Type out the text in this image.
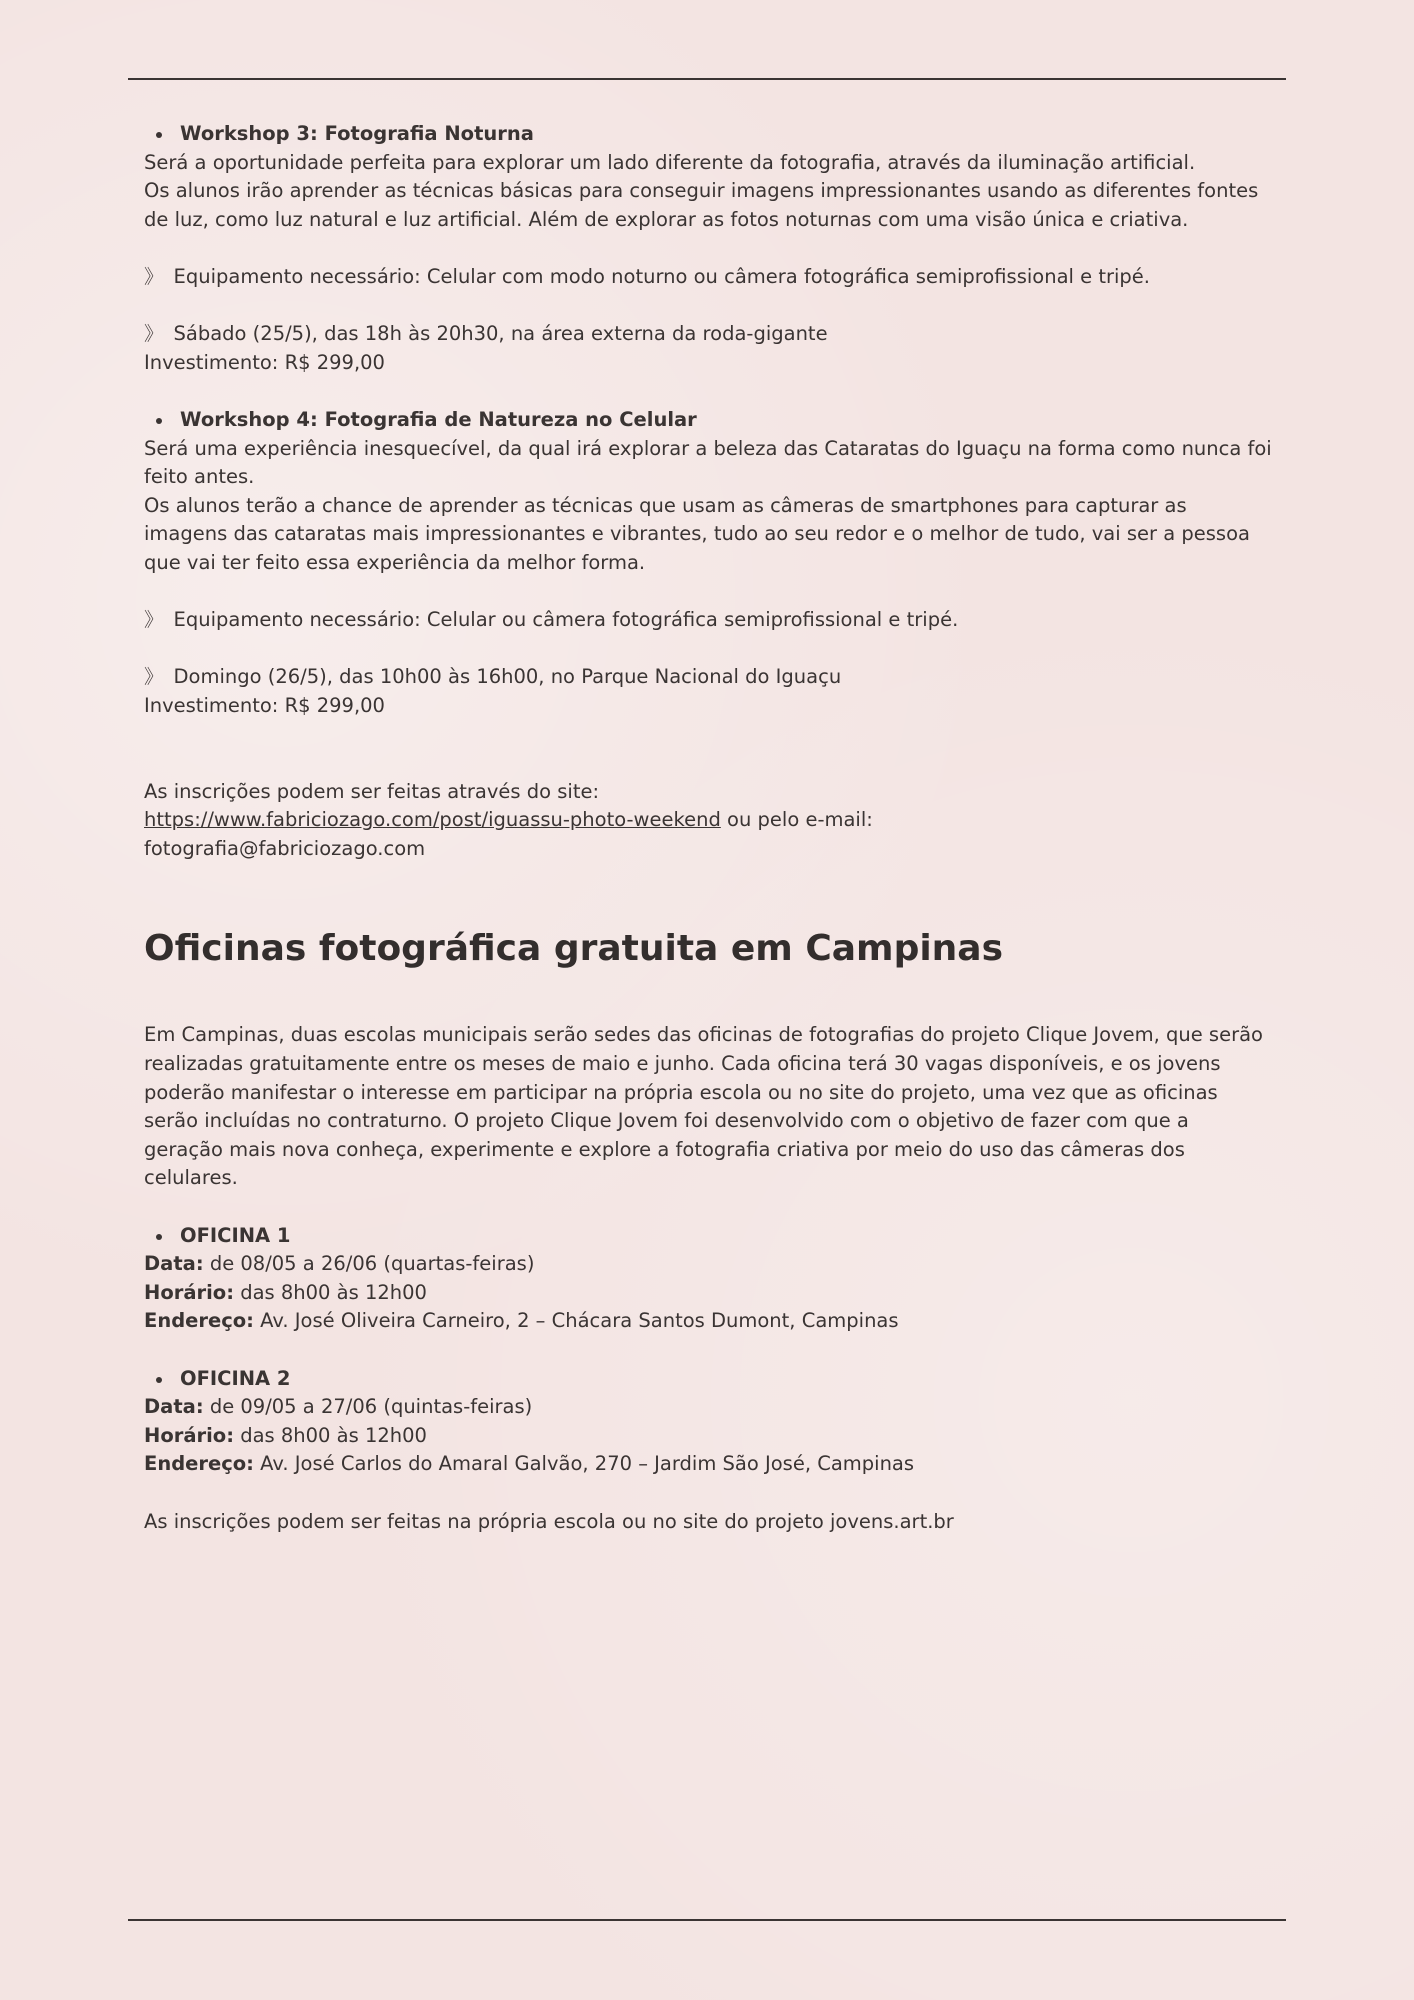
Workshop 3: Fotografia Noturna
Será a oportunidade perfeita para explorar um lado diferente da fotografia, através da iluminação artificial.
Os alunos irão aprender as técnicas básicas para conseguir imagens impressionantes usando as diferentes fontes de luz, como luz natural e luz artificial. Além de explorar as fotos noturnas com uma visão única e criativa.
》 Equipamento necessário: Celular com modo noturno ou câmera fotográfica semiprofissional e tripé.
》 Sábado (25/5), das 18h às 20h30, na área externa da roda-gigante
Investimento: R$ 299,00
Workshop 4: Fotografia de Natureza no Celular
Será uma experiência inesquecível, da qual irá explorar a beleza das Cataratas do Iguaçu na forma como nunca foi feito antes.
Os alunos terão a chance de aprender as técnicas que usam as câmeras de smartphones para capturar as imagens das cataratas mais impressionantes e vibrantes, tudo ao seu redor e o melhor de tudo, vai ser a pessoa que vai ter feito essa experiência da melhor forma.
》 Equipamento necessário: Celular ou câmera fotográfica semiprofissional e tripé.
》 Domingo (26/5), das 10h00 às 16h00, no Parque Nacional do Iguaçu
Investimento: R$ 299,00
As inscrições podem ser feitas através do site:
https://www.fabriciozago.com/post/iguassu-photo-weekend ou pelo e-mail:
fotografia@fabriciozago.com
Oficinas fotográfica gratuita em Campinas
Em Campinas, duas escolas municipais serão sedes das oficinas de fotografias do projeto Clique Jovem, que serão realizadas gratuitamente entre os meses de maio e junho. Cada oficina terá 30 vagas disponíveis, e os jovens poderão manifestar o interesse em participar na própria escola ou no site do projeto, uma vez que as oficinas serão incluídas no contraturno. O projeto Clique Jovem foi desenvolvido com o objetivo de fazer com que a geração mais nova conheça, experimente e explore a fotografia criativa por meio do uso das câmeras dos celulares.
OFICINA 1
Data: de 08/05 a 26/06 (quartas-feiras)
Horário: das 8h00 às 12h00
Endereço: Av. José Oliveira Carneiro, 2 – Chácara Santos Dumont, Campinas
OFICINA 2
Data: de 09/05 a 27/06 (quintas-feiras)
Horário: das 8h00 às 12h00
Endereço: Av. José Carlos do Amaral Galvão, 270 – Jardim São José, Campinas
As inscrições podem ser feitas na própria escola ou no site do projeto jovens.art.br
